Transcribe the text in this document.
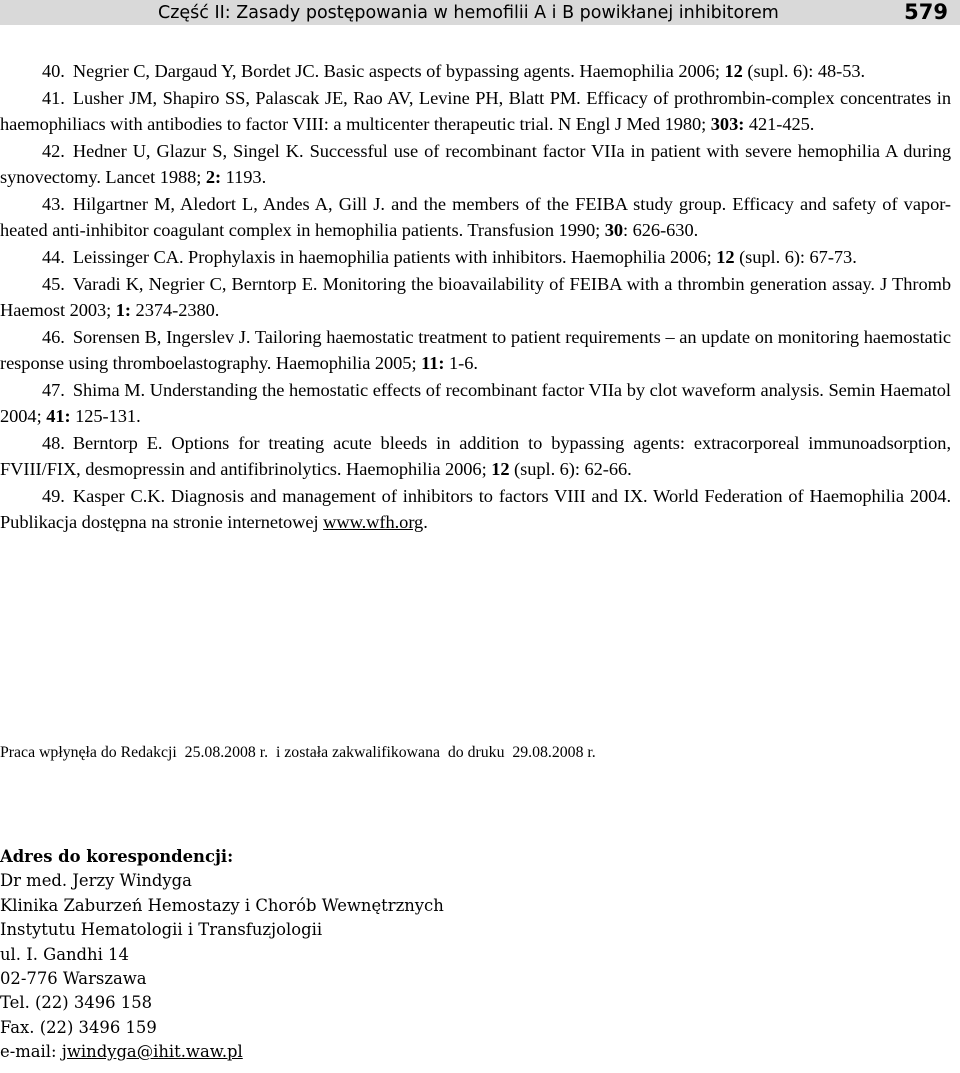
Część II: Zasady postępowania w hemofilii A i B powikłanej inhibitorem	579

40. Negrier C, Dargaud Y, Bordet JC. Basic aspects of bypassing agents. Haemophilia 2006; 12 (supl. 6): 48-53.

41. Lusher JM, Shapiro SS, Palascak JE, Rao AV, Levine PH, Blatt PM. Efficacy of prothrombin-complex concentrates in haemophiliacs with antibodies to factor VIII: a multicenter therapeutic trial. N Engl J Med 1980; 303: 421-425.

42. Hedner U, Glazur S, Singel K. Successful use of recombinant factor VIIa in patient with severe hemophilia A during synovectomy. Lancet 1988; 2: 1193.

43. Hilgartner M, Aledort L, Andes A, Gill J. and the members of the FEIBA study group. Efficacy and safety of vapor-heated anti-inhibitor coagulant complex in hemophilia patients. Transfusion 1990; 30: 626-630.

44. Leissinger CA. Prophylaxis in haemophilia patients with inhibitors. Haemophilia 2006; 12 (supl. 6): 67-73.

45. Varadi K, Negrier C, Berntorp E. Monitoring the bioavailability of FEIBA with a thrombin generation assay. J Thromb Haemost 2003; 1: 2374-2380.

46. Sorensen B, Ingerslev J. Tailoring haemostatic treatment to patient requirements – an update on monitoring haemostatic response using thromboelastography. Haemophilia 2005; 11: 1-6.

47. Shima M. Understanding the hemostatic effects of recombinant factor VIIa by clot waveform analysis. Semin Haematol 2004; 41: 125-131.

48. Berntorp E. Options for treating acute bleeds in addition to bypassing agents: extracorporeal immunoadsorption, FVIII/FIX, desmopressin and antifibrinolytics. Haemophilia 2006; 12 (supl. 6): 62-66.

49. Kasper C.K. Diagnosis and management of inhibitors to factors VIII and IX. World Federation of Haemophilia 2004. Publikacja dostępna na stronie internetowej www.wfh.org.

Praca wpłynęła do Redakcji  25.08.2008 r.  i została zakwalifikowana  do druku  29.08.2008 r.
Adres do korespondencji:
Dr med. Jerzy Windyga
Klinika Zaburzeń Hemostazy i Chorób Wewnętrznych
Instytutu Hematologii i Transfuzjologii
ul. I. Gandhi 14
02-776 Warszawa
Tel. (22) 3496 158
Fax. (22) 3496 159
e-mail: jwindyga@ihit.waw.pl
